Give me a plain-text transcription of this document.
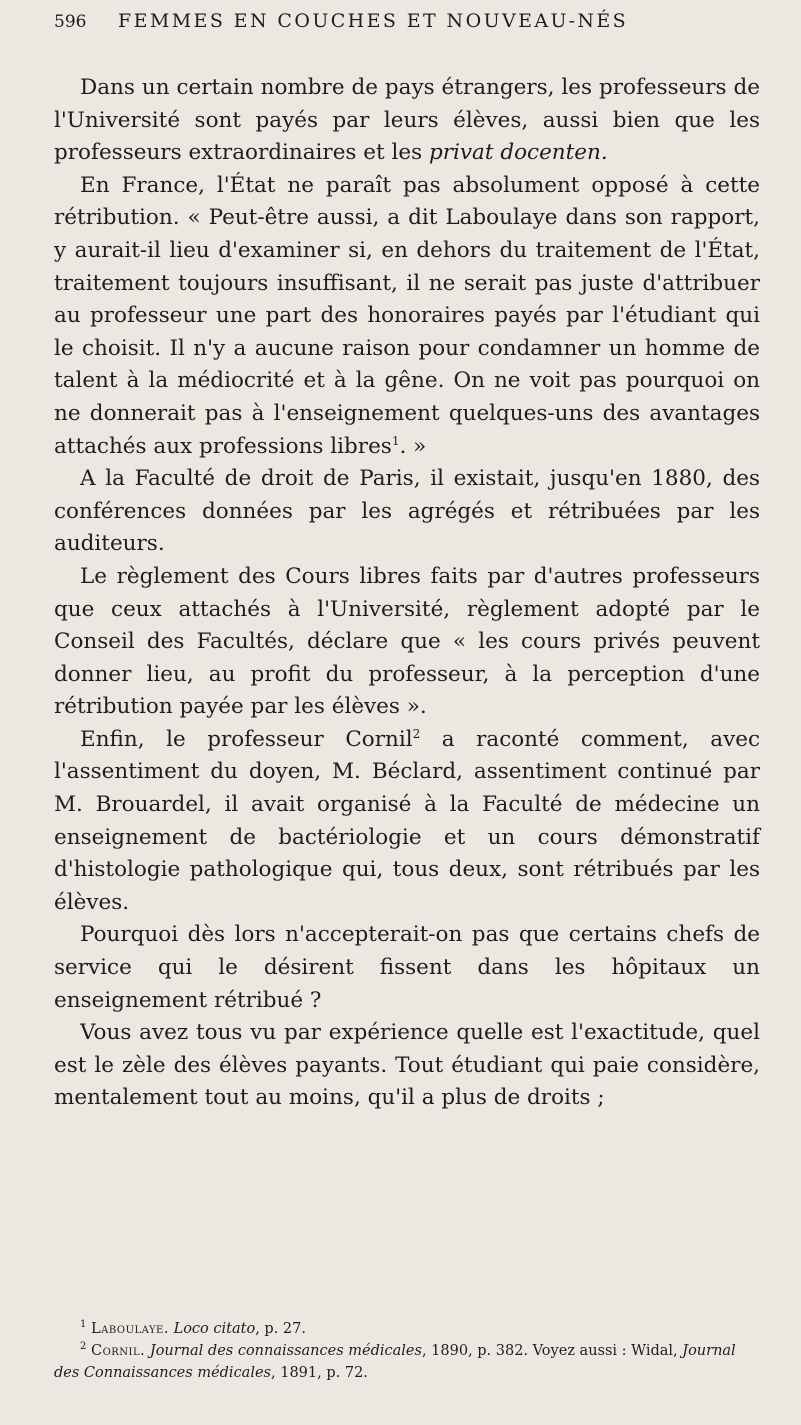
596	FEMMES EN COUCHES ET NOUVEAU-NÉS

Dans un certain nombre de pays étrangers, les professeurs de l'Université sont payés par leurs élèves, aussi bien que les professeurs extraordinaires et les privat docenten.

En France, l'État ne paraît pas absolument opposé à cette rétribution. « Peut-être aussi, a dit Laboulaye dans son rapport, y aurait-il lieu d'examiner si, en dehors du traitement de l'État, traitement toujours insuffisant, il ne serait pas juste d'attribuer au professeur une part des honoraires payés par l'étudiant qui le choisit. Il n'y a aucune raison pour condamner un homme de talent à la médiocrité et à la gêne. On ne voit pas pourquoi on ne donnerait pas à l'enseignement quelques-uns des avantages attachés aux professions libres$^1$. »

A la Faculté de droit de Paris, il existait, jusqu'en 1880, des conférences données par les agrégés et rétribuées par les auditeurs.

Le règlement des Cours libres faits par d'autres professeurs que ceux attachés à l'Université, règlement adopté par le Conseil des Facultés, déclare que « les cours privés peuvent donner lieu, au profit du professeur, à la perception d'une rétribution payée par les élèves ».

Enfin, le professeur Cornil$^2$ a raconté comment, avec l'assentiment du doyen, M. Béclard, assentiment continué par M. Brouardel, il avait organisé à la Faculté de médecine un enseignement de bactériologie et un cours démonstratif d'histologie pathologique qui, tous deux, sont rétribués par les élèves.

Pourquoi dès lors n'accepterait-on pas que certains chefs de service qui le désirent fissent dans les hôpitaux un enseignement rétribué ?

Vous avez tous vu par expérience quelle est l'exactitude, quel est le zèle des élèves payants. Tout étudiant qui paie considère, mentalement tout au moins, qu'il a plus de droits ;

$^1$ Laboulaye. Loco citato, p. 27.

$^2$ Cornil. Journal des connaissances médicales, 1890, p. 382. Voyez aussi : Widal, Journal des Connaissances médicales, 1891, p. 72.
